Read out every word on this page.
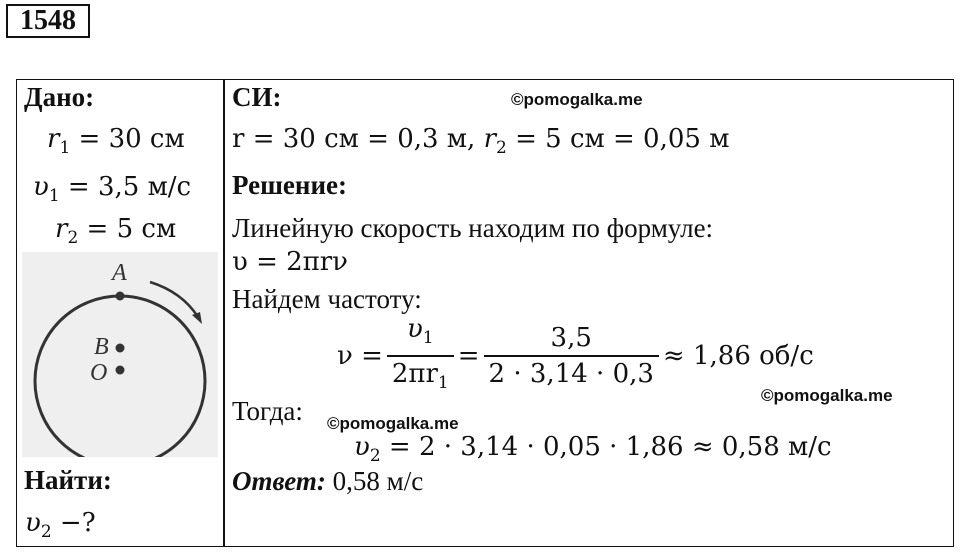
1548
Дано:
$r_1 = 30$ см
$\upsilon_1 = 3,5$ м/с
$r_2 = 5$ см
A
B
O
Найти:
$\upsilon_2$ −?
СИ:	©pomogalka.me
r = 30 см = 0,3 м, $r_2 = 5$ см = 0,05 м
Решение:
Линейную скорость находим по формуле:
υ = 2πrν
Найдем частоту:
$\nu = \frac{\upsilon_1}{2\pi r_1} = \frac{3,5}{2 \cdot 3,14 \cdot 0,3} \approx 1,86$ об/с
©pomogalka.me
Тогда: ©pomogalka.me
$\upsilon_2 = 2 \cdot 3,14 \cdot 0,05 \cdot 1,86 \approx 0,58$ м/с
Ответ: 0,58 м/с
